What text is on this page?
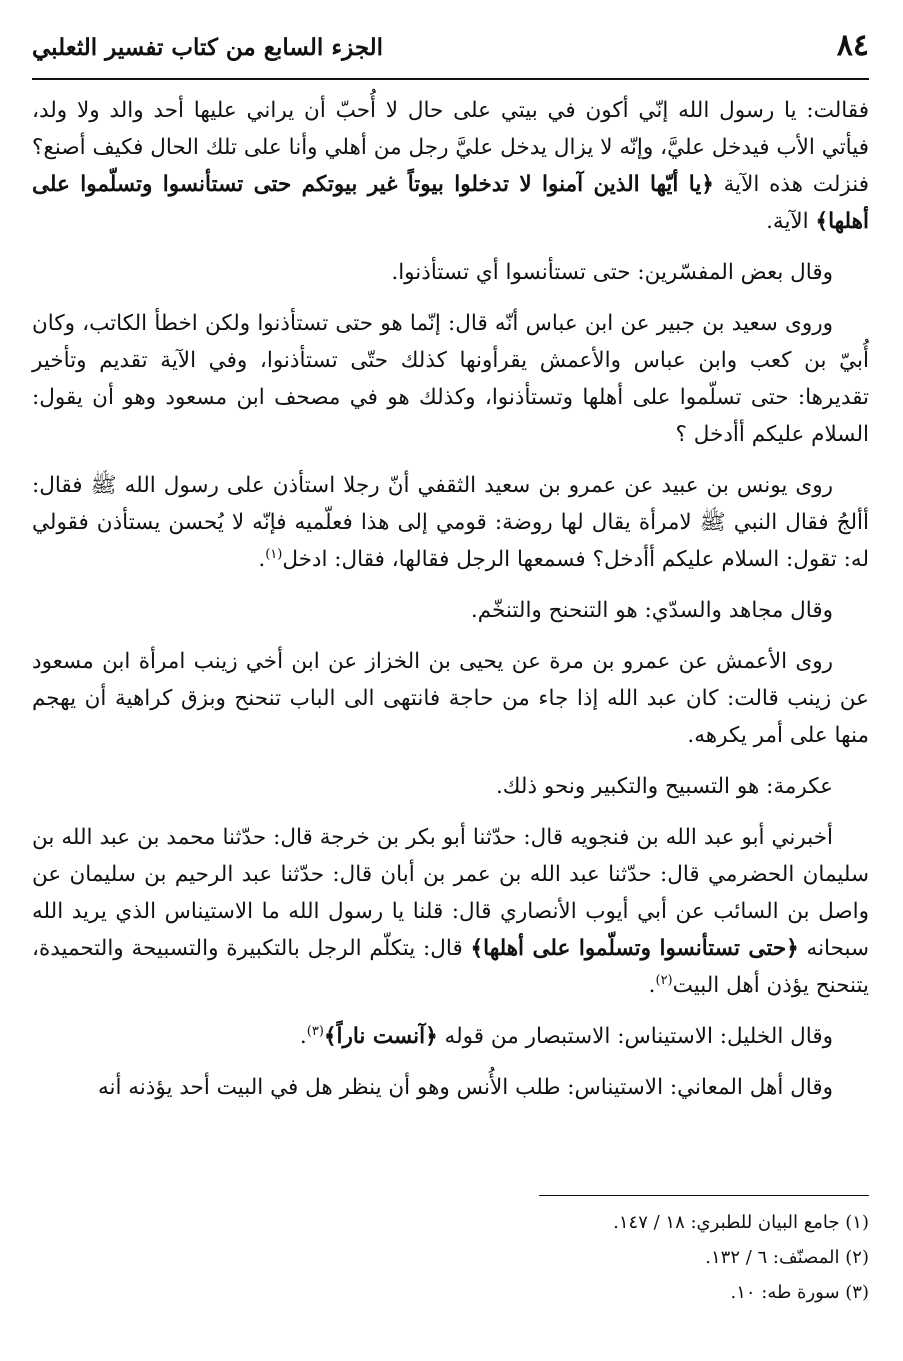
٨٤
الجزء السابع من كتاب تفسير الثعلبي

فقالت: يا رسول الله إنّي أكون في بيتي على حال لا أُحبّ أن يراني عليها أحد والد ولا ولد، فيأتي الأب فيدخل عليَّ، وإنّه لا يزال يدخل عليَّ رجل من أهلي وأنا على تلك الحال فكيف أصنع؟ فنزلت هذه الآية ﴿يا أيّها الذين آمنوا لا تدخلوا بيوتاً غير بيوتكم حتى تستأنسوا وتسلّموا على أهلها﴾ الآية.

وقال بعض المفسّرين: حتى تستأنسوا أي تستأذنوا.

وروى سعيد بن جبير عن ابن عباس أنّه قال: إنّما هو حتى تستأذنوا ولكن اخطأ الكاتب، وكان أُبيّ بن كعب وابن عباس والأعمش يقرأونها كذلك حتّى تستأذنوا، وفي الآية تقديم وتأخير تقديرها: حتى تسلّموا على أهلها وتستأذنوا، وكذلك هو في مصحف ابن مسعود وهو أن يقول: السلام عليكم أأدخل ؟

روى يونس بن عبيد عن عمرو بن سعيد الثقفي أنّ رجلا استأذن على رسول الله ﷺ فقال: أألجُ فقال النبي ﷺ لامرأة يقال لها روضة: قومي إلى هذا فعلّميه فإنّه لا يُحسن يستأذن فقولي له: تقول: السلام عليكم أأدخل؟ فسمعها الرجل فقالها، فقال: ادخل$^{(١)}$.

وقال مجاهد والسدّي: هو التنحنح والتنخّم.

روى الأعمش عن عمرو بن مرة عن يحيى بن الخزاز عن ابن أخي زينب امرأة ابن مسعود عن زينب قالت: كان عبد الله إذا جاء من حاجة فانتهى الى الباب تنحنح وبزق كراهية أن يهجم منها على أمر يكرهه.

عكرمة: هو التسبيح والتكبير ونحو ذلك.

أخبرني أبو عبد الله بن فنجويه قال: حدّثنا أبو بكر بن خرجة قال: حدّثنا محمد بن عبد الله بن سليمان الحضرمي قال: حدّثنا عبد الله بن عمر بن أبان قال: حدّثنا عبد الرحيم بن سليمان عن واصل بن السائب عن أبي أيوب الأنصاري قال: قلنا يا رسول الله ما الاستيناس الذي يريد الله سبحانه ﴿حتى تستأنسوا وتسلّموا على أهلها﴾ قال: يتكلّم الرجل بالتكبيرة والتسبيحة والتحميدة، يتنحنح يؤذن أهل البيت$^{(٢)}$.

وقال الخليل: الاستيناس: الاستبصار من قوله ﴿آنست ناراً﴾$^{(٣)}$.

وقال أهل المعاني: الاستيناس: طلب الأُنس وهو أن ينظر هل في البيت أحد يؤذنه أنه

(١) جامع البيان للطبري: ١٨ / ١٤٧.
(٢) المصنّف: ٦ / ١٣٢.
(٣) سورة طه: ١٠.
